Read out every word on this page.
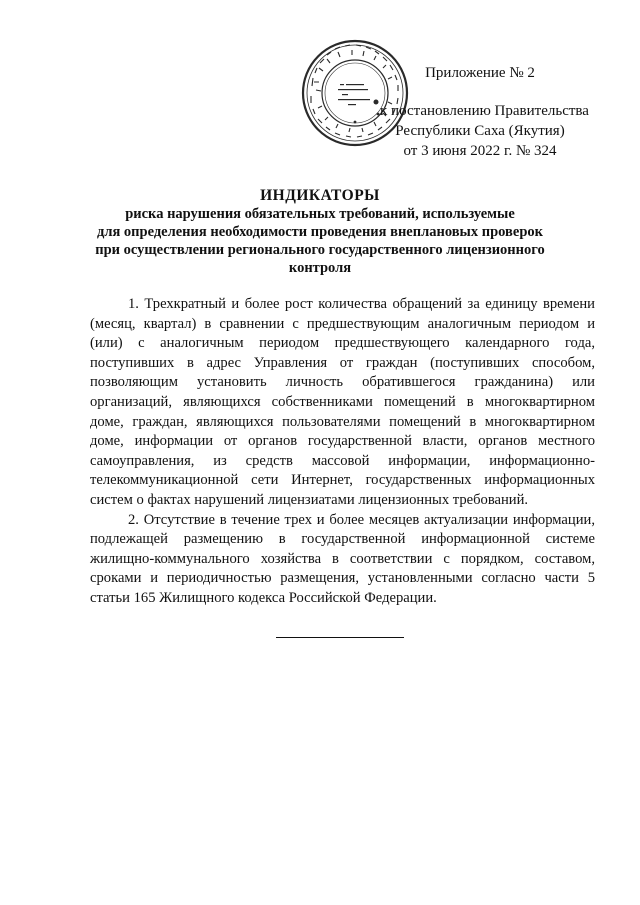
Приложение № 2
к постановлению Правительства
Республики Саха (Якутия)
от 3 июня 2022 г. № 324
ИНДИКАТОРЫ
риска нарушения обязательных требований, используемые
для определения необходимости проведения внеплановых проверок
при осуществлении регионального государственного лицензионного
контроля

1. Трехкратный и более рост количества обращений за единицу времени (месяц, квартал) в сравнении с предшествующим аналогичным периодом и (или) с аналогичным периодом предшествующего календарного года, поступивших в адрес Управления от граждан (поступивших способом, позволяющим установить личность обратившегося гражданина) или организаций, являющихся собственниками помещений в многоквартирном доме, граждан, являющихся пользователями помещений в многоквартирном доме, информации от органов государственной власти, органов местного самоуправления, из средств массовой информации, информационно-телекоммуникационной сети Интернет, государственных информационных систем о фактах нарушений лицензиатами лицензионных требований.

2. Отсутствие в течение трех и более месяцев актуализации информации, подлежащей размещению в государственной информационной системе жилищно-коммунального хозяйства в соответствии с порядком, составом, сроками и периодичностью размещения, установленными согласно части 5 статьи 165 Жилищного кодекса Российской Федерации.
